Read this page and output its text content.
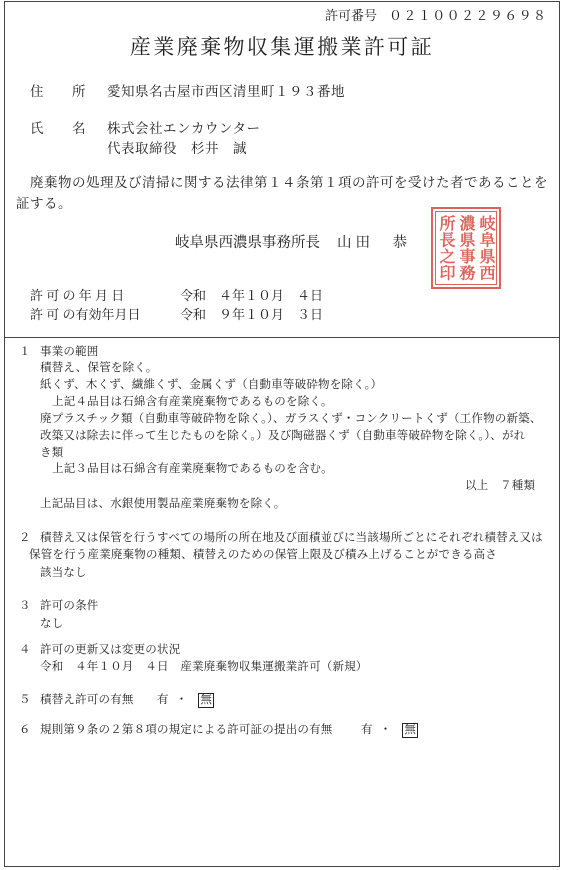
許可番号 ０２１００２２９６９８
産業廃棄物収集運搬業許可証
住　　所 愛知県名古屋市西区清里町１９３番地
氏　　名 株式会社エンカウンター
代表取締役　杉井　誠
廃棄物の処理及び清掃に関する法律第１４条第１項の許可を受けた者であることを
証する。
岐阜県西濃県事務所長 山田　恭	岐阜県西濃県事務所長之印
許 可 の 年 月 日	令和　４年１０月　４日
許 可 の有効年月日	令和　９年１０月　３日
１ 事業の範囲
積替え、保管を除く。
紙くず、木くず、繊維くず、金属くず（自動車等破砕物を除く。）
上記４品目は石綿含有産業廃棄物であるものを除く。
廃プラスチック類（自動車等破砕物を除く。）、ガラスくず・コンクリートくず（工作物の新築、
改築又は除去に伴って生じたものを除く。）及び陶磁器くず（自動車等破砕物を除く。）、がれ
き類
上記３品目は石綿含有産業廃棄物であるものを含む。
以上　７種類
上記品目は、水銀使用製品産業廃棄物を除く。
２ 積替え又は保管を行うすべての場所の所在地及び面積並びに当該場所ごとにそれぞれ積替え又は
保管を行う産業廃棄物の種類、積替えのための保管上限及び積み上げることができる高さ
該当なし
３ 許可の条件
なし
４ 許可の更新又は変更の状況
令和　４年１０月　４日　産業廃棄物収集運搬業許可（新規）
５ 積替え許可の有無 有 ・ 無
６ 規則第９条の２第８項の規定による許可証の提出の有無 有 ・ 無
